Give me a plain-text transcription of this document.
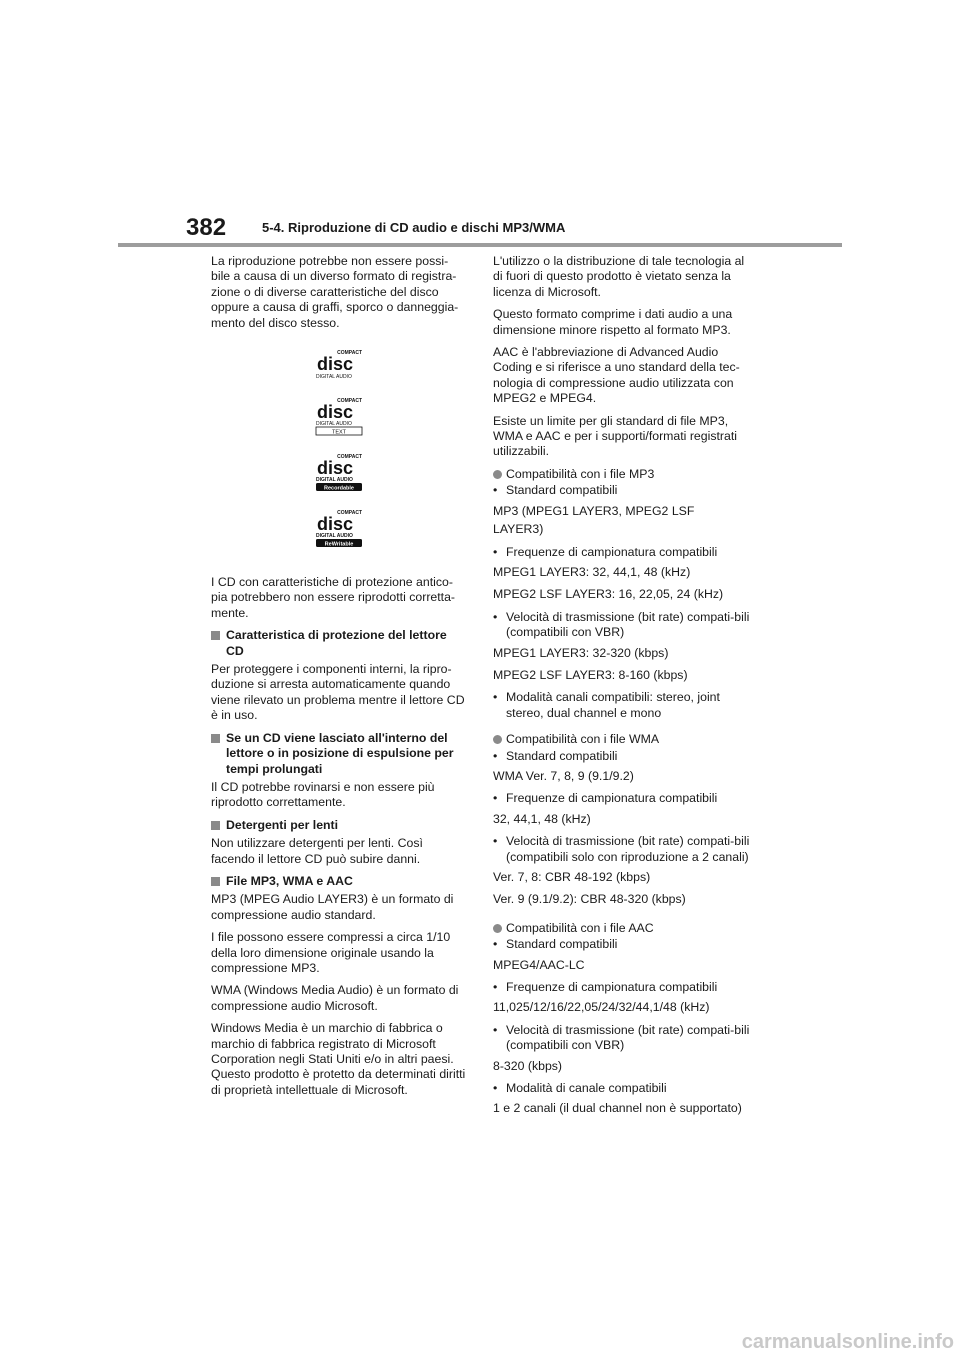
382	5-4. Riproduzione di CD audio e dischi MP3/WMA

La riproduzione potrebbe non essere possi-bile a causa di un diverso formato di registra-zione o di diverse caratteristiche del disco oppure a causa di graffi, sporco o danneggia-mento del disco stesso.

COMPACT
disc
DIGITAL AUDIO
COMPACT
disc
DIGITAL AUDIO
TEXT
COMPACT
disc
DIGITAL AUDIO
Recordable
COMPACT
disc
DIGITAL AUDIO
ReWritable

I CD con caratteristiche di protezione antico-pia potrebbero non essere riprodotti corretta-mente.

Caratteristica di protezione del lettore CD

Per proteggere i componenti interni, la ripro-duzione si arresta automaticamente quando viene rilevato un problema mentre il lettore CD è in uso.

Se un CD viene lasciato all'interno del lettore o in posizione di espulsione per tempi prolungati

Il CD potrebbe rovinarsi e non essere più riprodotto correttamente.

Detergenti per lenti

Non utilizzare detergenti per lenti. Così facendo il lettore CD può subire danni.

File MP3, WMA e AAC

MP3 (MPEG Audio LAYER3) è un formato di compressione audio standard.

I file possono essere compressi a circa 1/10 della loro dimensione originale usando la compressione MP3.

WMA (Windows Media Audio) è un formato di compressione audio Microsoft.

Windows Media è un marchio di fabbrica o marchio di fabbrica registrato di Microsoft Corporation negli Stati Uniti e/o in altri paesi. Questo prodotto è protetto da determinati diritti di proprietà intellettuale di Microsoft.

L'utilizzo o la distribuzione di tale tecnologia al di fuori di questo prodotto è vietato senza la licenza di Microsoft.

Questo formato comprime i dati audio a una dimensione minore rispetto al formato MP3.

AAC è l'abbreviazione di Advanced Audio Coding e si riferisce a uno standard della tec-nologia di compressione audio utilizzata con MPEG2 e MPEG4.

Esiste un limite per gli standard di file MP3, WMA e AAC e per i supporti/formati registrati utilizzabili.

Compatibilità con i file MP3
• Standard compatibili

MP3 (MPEG1 LAYER3, MPEG2 LSF

LAYER3)

• Frequenze di campionatura compatibili

MPEG1 LAYER3: 32, 44,1, 48 (kHz)

MPEG2 LSF LAYER3: 16, 22,05, 24 (kHz)

• Velocità di trasmissione (bit rate) compati-bili (compatibili con VBR)

MPEG1 LAYER3: 32-320 (kbps)

MPEG2 LSF LAYER3: 8-160 (kbps)

• Modalità canali compatibili: stereo, joint stereo, dual channel e mono
Compatibilità con i file WMA
• Standard compatibili

WMA Ver. 7, 8, 9 (9.1/9.2)

• Frequenze di campionatura compatibili

32, 44,1, 48 (kHz)

• Velocità di trasmissione (bit rate) compati-bili (compatibili solo con riproduzione a 2 canali)

Ver. 7, 8: CBR 48-192 (kbps)

Ver. 9 (9.1/9.2): CBR 48-320 (kbps)

Compatibilità con i file AAC
• Standard compatibili

MPEG4/AAC-LC

• Frequenze di campionatura compatibili

11,025/12/16/22,05/24/32/44,1/48 (kHz)

• Velocità di trasmissione (bit rate) compati-bili (compatibili con VBR)

8-320 (kbps)

• Modalità di canale compatibili

1 e 2 canali (il dual channel non è supportato)

carmanualsonline.info
